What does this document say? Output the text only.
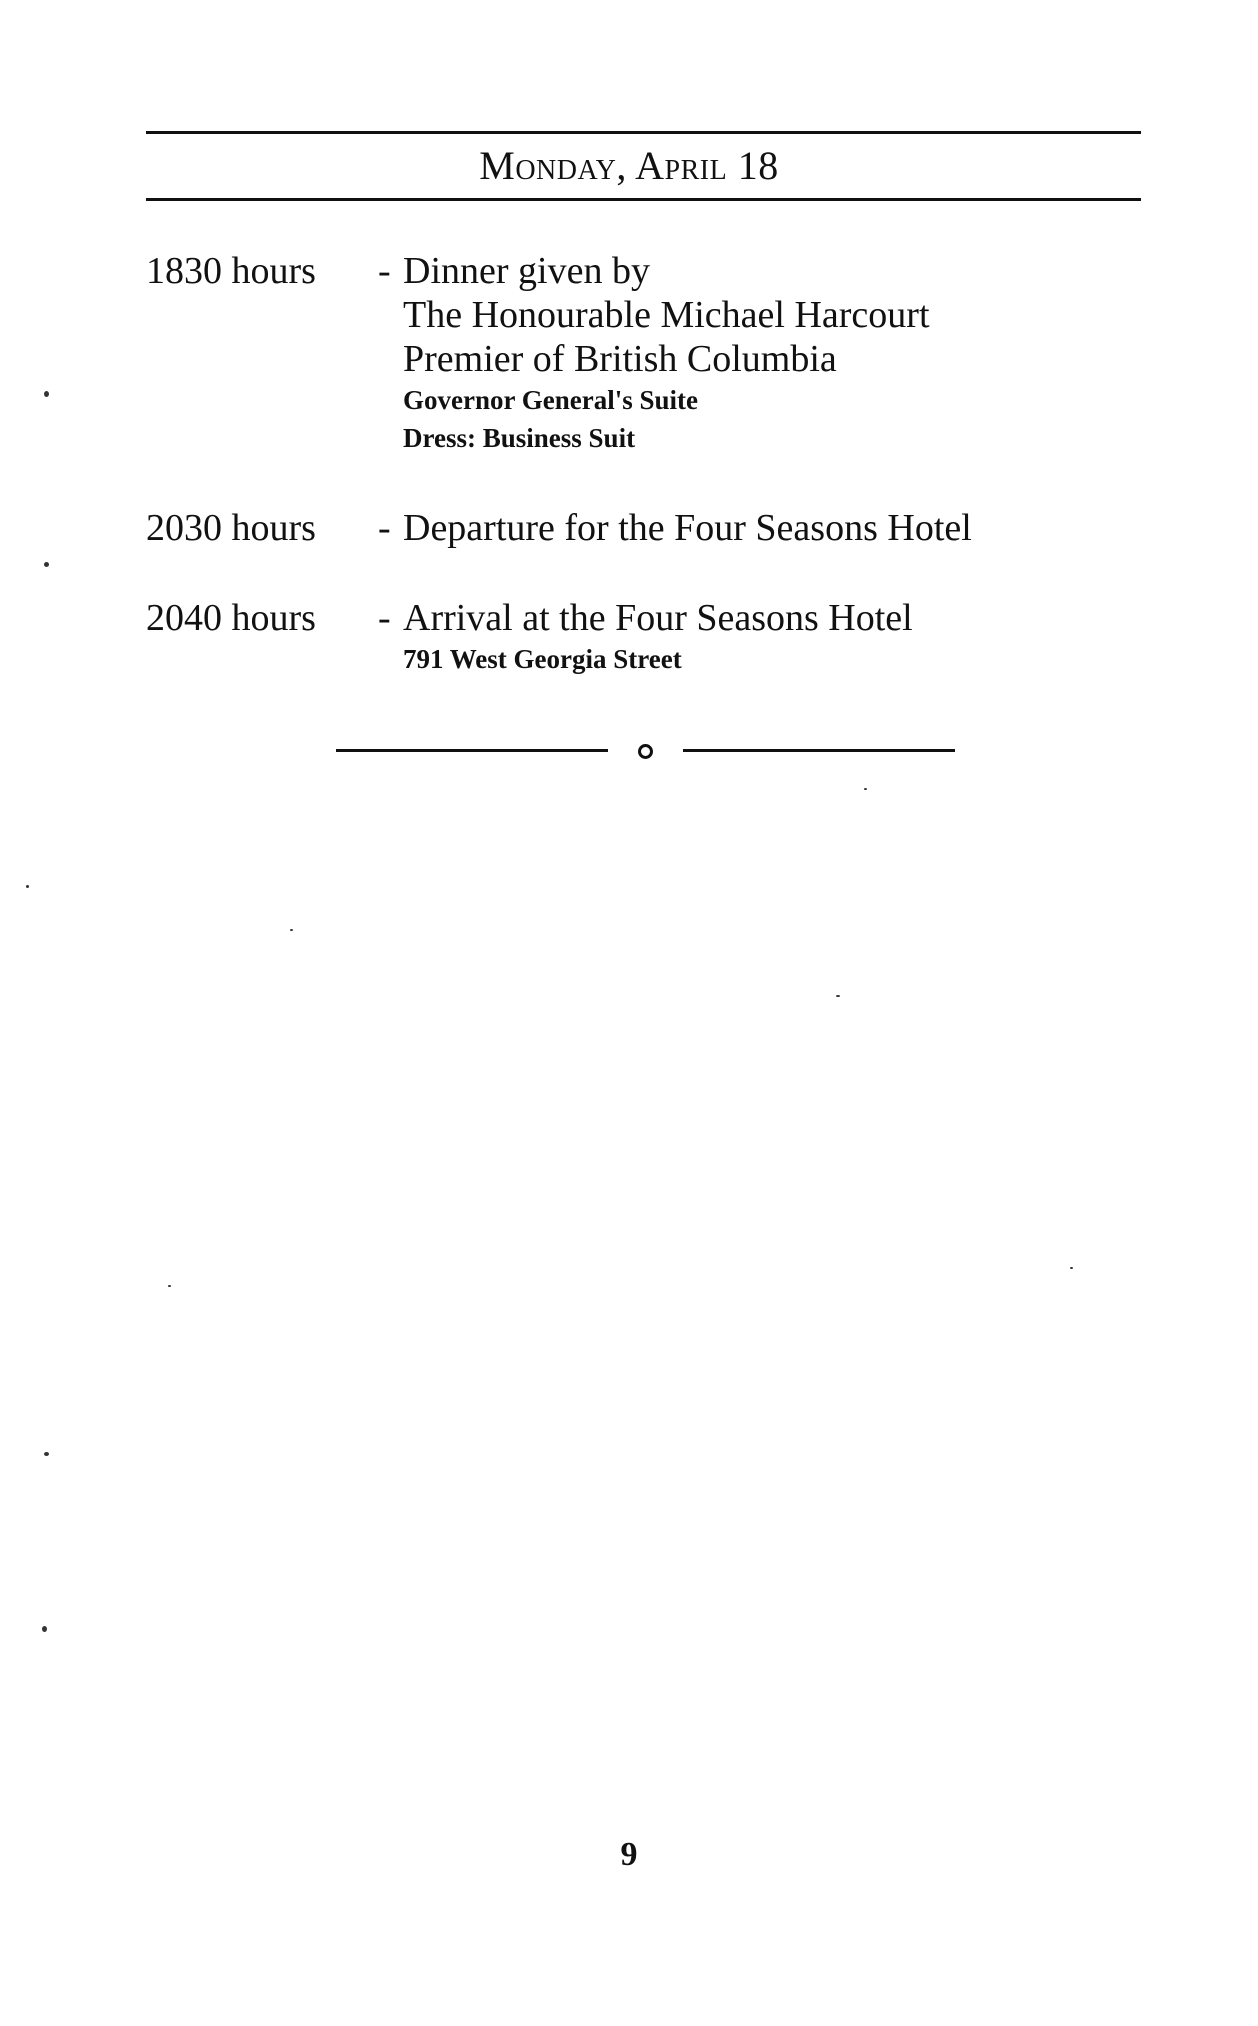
Monday, April 18
1830 hours - Dinner given by
The Honourable Michael Harcourt
Premier of British Columbia
Governor General's Suite
Dress: Business Suit
2030 hours - Departure for the Four Seasons Hotel
2040 hours - Arrival at the Four Seasons Hotel
791 West Georgia Street
9
